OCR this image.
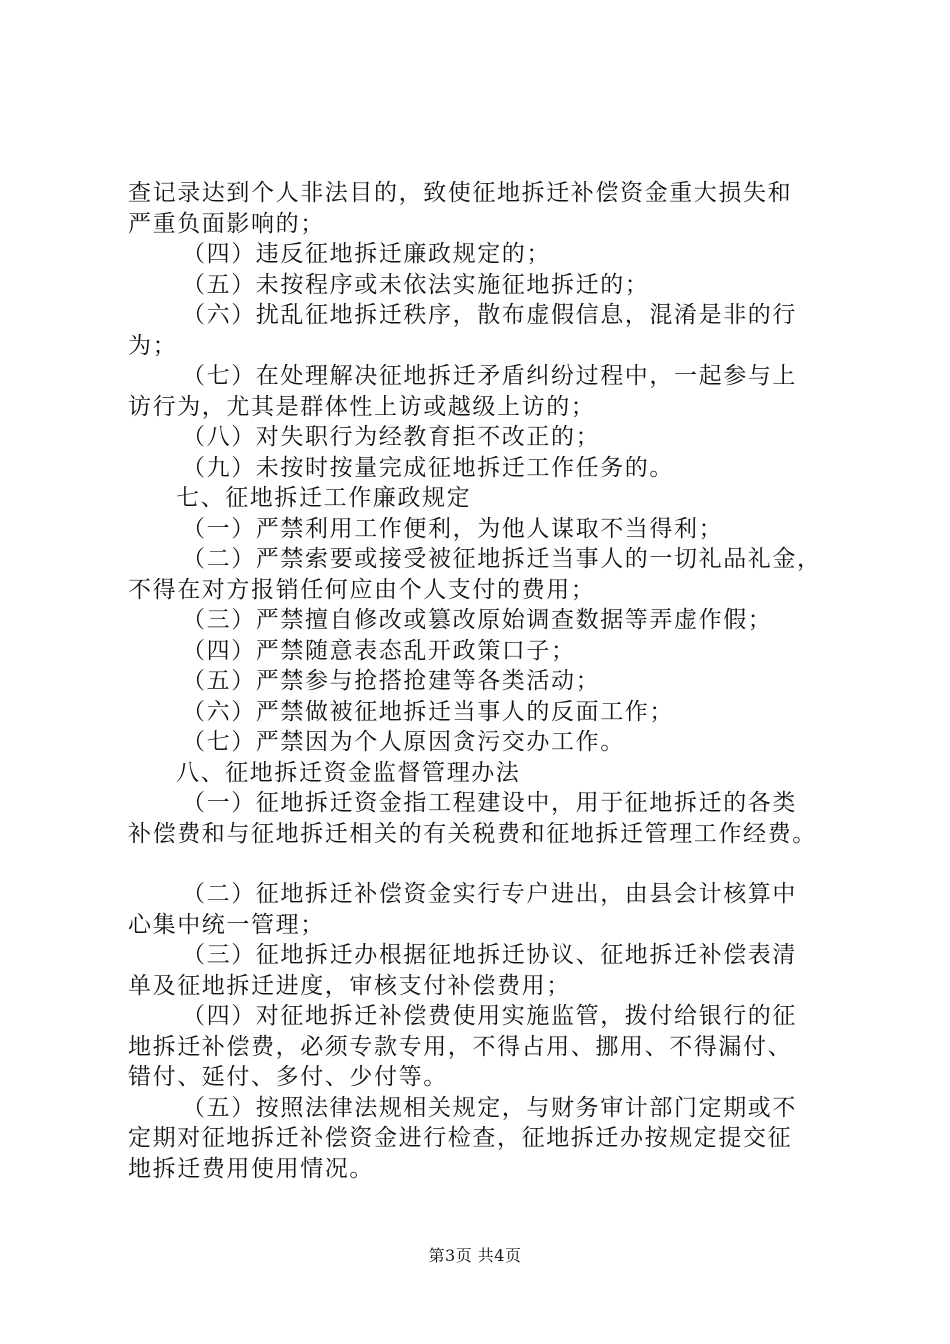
查记录达到个人非法目的，致使征地拆迁补偿资金重大损失和
严重负面影响的；
（四）违反征地拆迁廉政规定的；
（五）未按程序或未依法实施征地拆迁的；
（六）扰乱征地拆迁秩序，散布虚假信息，混淆是非的行
为；
（七）在处理解决征地拆迁矛盾纠纷过程中，一起参与上
访行为，尤其是群体性上访或越级上访的；
（八）对失职行为经教育拒不改正的；
（九）未按时按量完成征地拆迁工作任务的。
七、征地拆迁工作廉政规定
（一）严禁利用工作便利，为他人谋取不当得利；
（二）严禁索要或接受被征地拆迁当事人的一切礼品礼金，
不得在对方报销任何应由个人支付的费用；
（三）严禁擅自修改或篡改原始调查数据等弄虚作假；
（四）严禁随意表态乱开政策口子；
（五）严禁参与抢搭抢建等各类活动；
（六）严禁做被征地拆迁当事人的反面工作；
（七）严禁因为个人原因贪污交办工作。
八、征地拆迁资金监督管理办法
（一）征地拆迁资金指工程建设中，用于征地拆迁的各类
补偿费和与征地拆迁相关的有关税费和征地拆迁管理工作经费。
（二）征地拆迁补偿资金实行专户进出，由县会计核算中
心集中统一管理；
（三）征地拆迁办根据征地拆迁协议、征地拆迁补偿表清
单及征地拆迁进度，审核支付补偿费用；
（四）对征地拆迁补偿费使用实施监管，拨付给银行的征
地拆迁补偿费，必须专款专用，不得占用、挪用、不得漏付、
错付、延付、多付、少付等。
（五）按照法律法规相关规定，与财务审计部门定期或不
定期对征地拆迁补偿资金进行检查，征地拆迁办按规定提交征
地拆迁费用使用情况。
第3页 共4页
